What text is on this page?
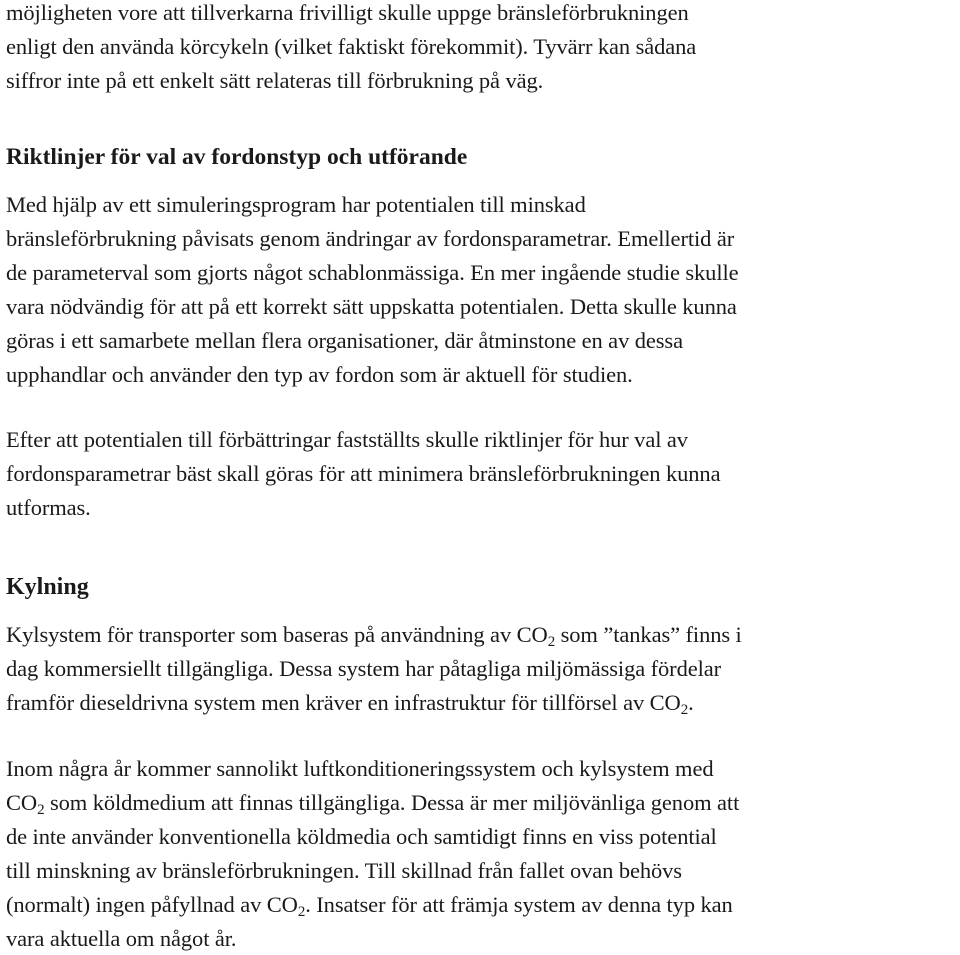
möjligheten vore att tillverkarna frivilligt skulle uppge bränsleförbrukningen
enligt den använda körcykeln (vilket faktiskt förekommit). Tyvärr kan sådana
siffror inte på ett enkelt sätt relateras till förbrukning på väg.
Riktlinjer för val av fordonstyp och utförande
Med hjälp av ett simuleringsprogram har potentialen till minskad
bränsleförbrukning påvisats genom ändringar av fordonsparametrar. Emellertid är
de parameterval som gjorts något schablonmässiga. En mer ingående studie skulle
vara nödvändig för att på ett korrekt sätt uppskatta potentialen. Detta skulle kunna
göras i ett samarbete mellan flera organisationer, där åtminstone en av dessa
upphandlar och använder den typ av fordon som är aktuell för studien.
Efter att potentialen till förbättringar fastställts skulle riktlinjer för hur val av
fordonsparametrar bäst skall göras för att minimera bränsleförbrukningen kunna
utformas.
Kylning
Kylsystem för transporter som baseras på användning av $CO_2$ som ”tankas” finns i
dag kommersiellt tillgängliga. Dessa system har påtagliga miljömässiga fördelar
framför dieseldrivna system men kräver en infrastruktur för tillförsel av $CO_2$.
Inom några år kommer sannolikt luftkonditioneringssystem och kylsystem med
$CO_2$ som köldmedium att finnas tillgängliga. Dessa är mer miljövänliga genom att
de inte använder konventionella köldmedia och samtidigt finns en viss potential
till minskning av bränsleförbrukningen. Till skillnad från fallet ovan behövs
(normalt) ingen påfyllnad av $CO_2$. Insatser för att främja system av denna typ kan
vara aktuella om något år.
